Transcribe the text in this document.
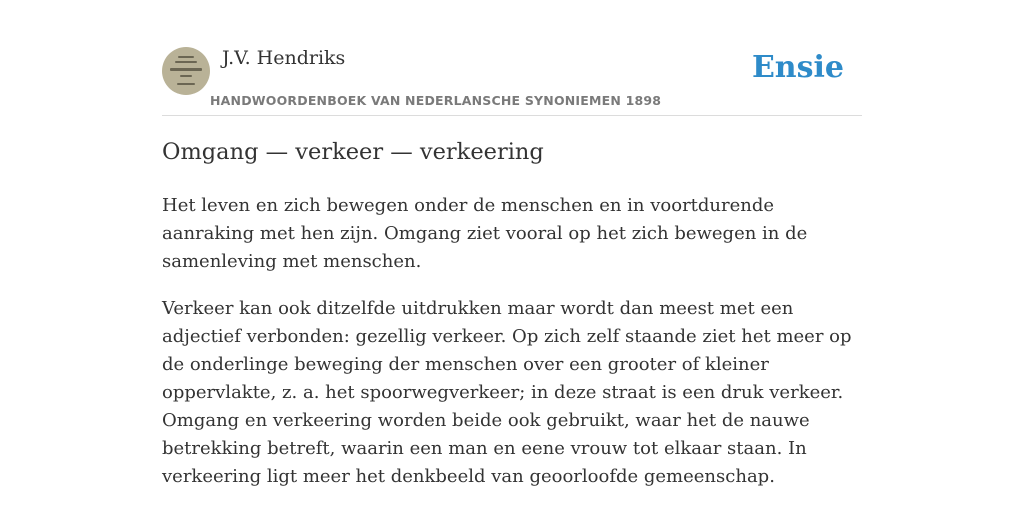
J.V. Hendriks
HANDWOORDENBOEK VAN NEDERLANSCHE SYNONIEMEN 1898
Ensie
Omgang — verkeer — verkeering

Het leven en zich bewegen onder de menschen en in voortdurende aanraking met hen zijn. Omgang ziet vooral op het zich bewegen in de samenleving met menschen.

Verkeer kan ook ditzelfde uitdrukken maar wordt dan meest met een adjectief verbonden: gezellig verkeer. Op zich zelf staande ziet het meer op de onderlinge beweging der menschen over een grooter of kleiner oppervlakte, z. a. het spoorwegverkeer; in deze straat is een druk verkeer. Omgang en verkeering worden beide ook gebruikt, waar het de nauwe betrekking betreft, waarin een man en eene vrouw tot elkaar staan. In verkeering ligt meer het denkbeeld van geoorloofde gemeenschap.
